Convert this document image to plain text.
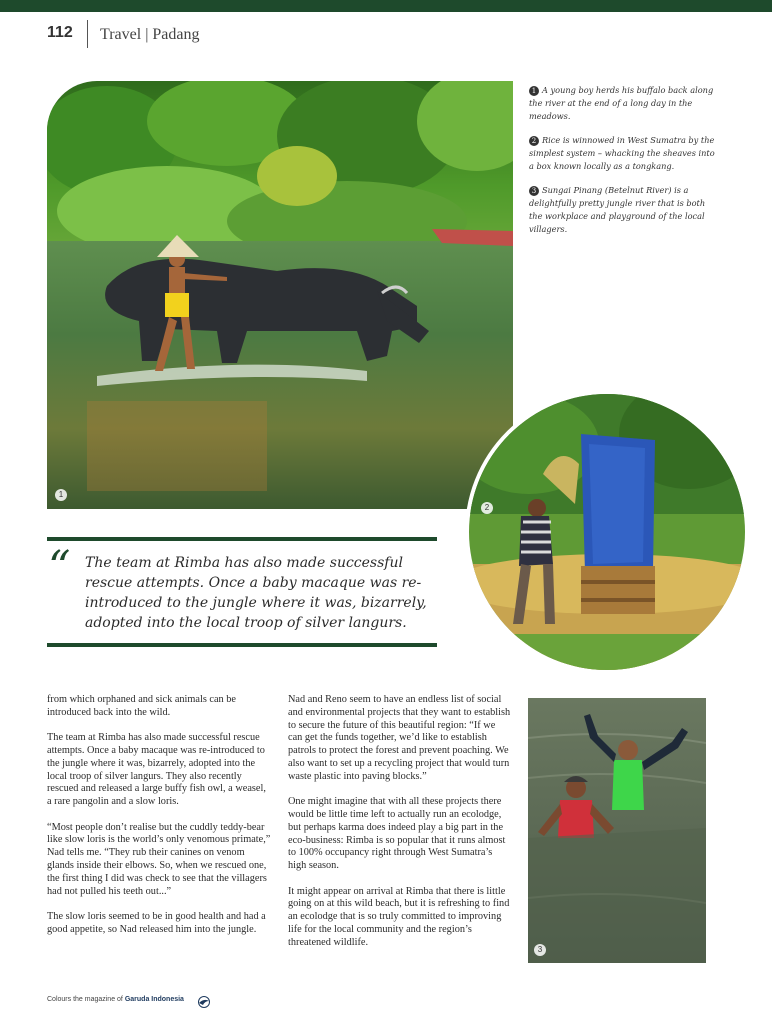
112 Travel | Padang
1

1 A young boy herds his buffalo back along the river at the end of a long day in the meadows.

2 Rice is winnowed in West Sumatra by the simplest system – whacking the sheaves into a box known locally as a tongkang.

3 Sungai Pinang (Betelnut River) is a delightfully pretty jungle river that is both the workplace and playground of the local villagers.

2
“ The team at Rimba has also made successful rescue attempts. Once a baby macaque was re-introduced to the jungle where it was, bizarrely, adopted into the local troop of silver langurs.

from which orphaned and sick animals can be introduced back into the wild.

The team at Rimba has also made successful rescue attempts. Once a baby macaque was re-introduced to the jungle where it was, bizarrely, adopted into the local troop of silver langurs. They also recently rescued and released a large buffy fish owl, a weasel, a rare pangolin and a slow loris.

“Most people don’t realise but the cuddly teddy-bear like slow loris is the world’s only venomous primate,” Nad tells me. “They rub their canines on venom glands inside their elbows. So, when we rescued one, the first thing I did was check to see that the villagers had not pulled his teeth out...”

The slow loris seemed to be in good health and had a good appetite, so Nad released him into the jungle.

Nad and Reno seem to have an endless list of social and environmental projects that they want to establish to secure the future of this beautiful region: “If we can get the funds together, we’d like to establish patrols to protect the forest and prevent poaching. We also want to set up a recycling project that would turn waste plastic into paving blocks.”

One might imagine that with all these projects there would be little time left to actually run an ecolodge, but perhaps karma does indeed play a big part in the eco-business: Rimba is so popular that it runs almost to 100% occupancy right through West Sumatra’s high season.

It might appear on arrival at Rimba that there is little going on at this wild beach, but it is refreshing to find an ecolodge that is so truly committed to improving life for the local community and the region’s threatened wildlife.

3
Colours the magazine of Garuda Indonesia
